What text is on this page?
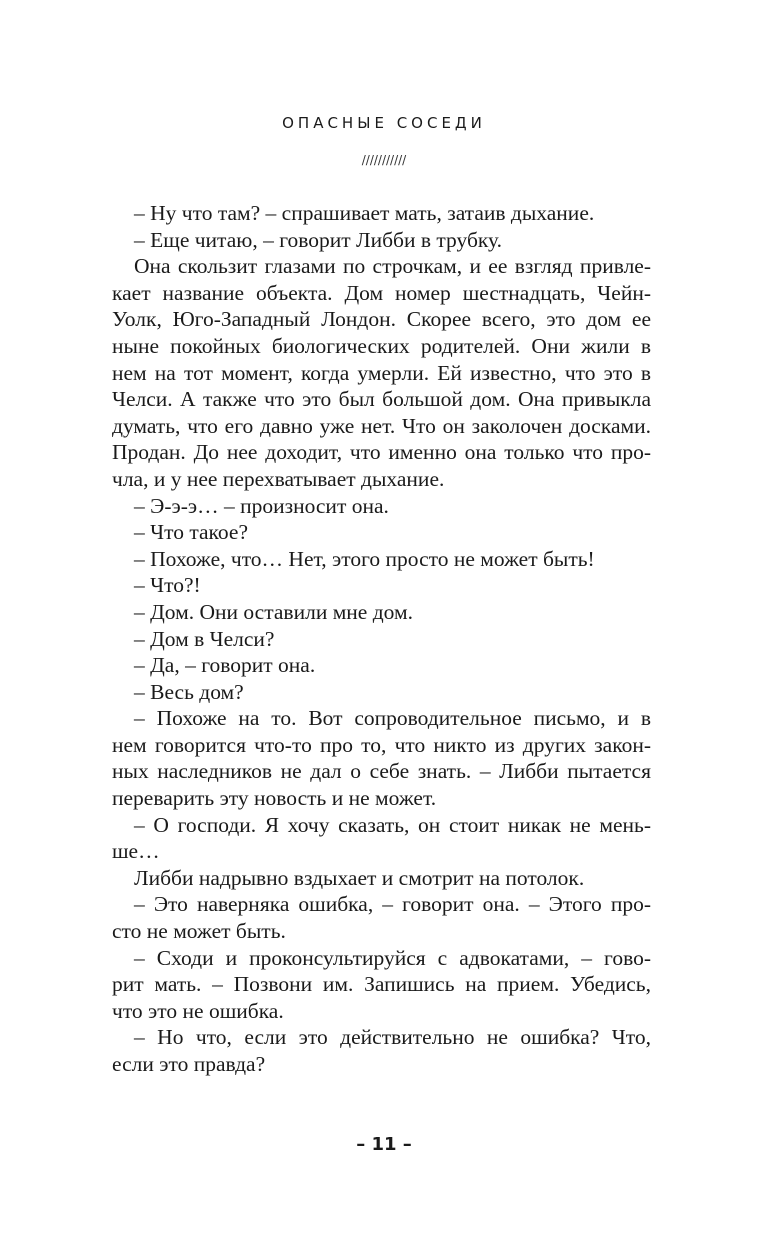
ОПАСНЫЕ СОСЕДИ
///////////
– Ну что там? – спрашивает мать, затаив дыхание.
– Еще читаю, – говорит Либби в трубку.
Она скользит глазами по строчкам, и ее взгляд привле-
кает название объекта. Дом номер шестнадцать, Чейн-
Уолк, Юго-Западный Лондон. Скорее всего, это дом ее
ныне покойных биологических родителей. Они жили в
нем на тот момент, когда умерли. Ей известно, что это в
Челси. А также что это был большой дом. Она привыкла
думать, что его давно уже нет. Что он заколочен досками.
Продан. До нее доходит, что именно она только что про-
чла, и у нее перехватывает дыхание.
– Э-э-э… – произносит она.
– Что такое?
– Похоже, что… Нет, этого просто не может быть!
– Что?!
– Дом. Они оставили мне дом.
– Дом в Челси?
– Да, – говорит она.
– Весь дом?
– Похоже на то. Вот сопроводительное письмо, и в
нем говорится что-то про то, что никто из других закон-
ных наследников не дал о себе знать. – Либби пытается
переварить эту новость и не может.
– О господи. Я хочу сказать, он стоит никак не мень-
ше…
Либби надрывно вздыхает и смотрит на потолок.
– Это наверняка ошибка, – говорит она. – Этого про-
сто не может быть.
– Сходи и проконсультируйся с адвокатами, – гово-
рит мать. – Позвони им. Запишись на прием. Убедись,
что это не ошибка.
– Но что, если это действительно не ошибка? Что,
если это правда?
– 11 –
